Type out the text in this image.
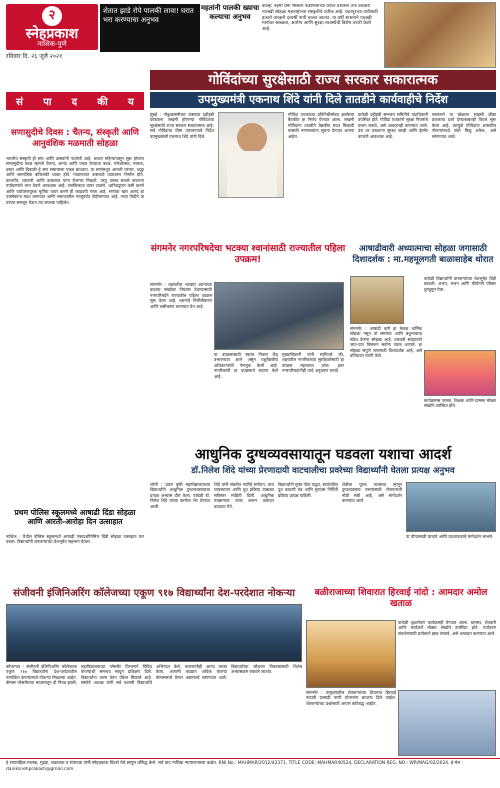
२
स्नेहप्रकाश
नाशिक-पुणे
रविवार दि. २६ जुलै २०२१
शेतात झाडे रोपे पालकी लावा! घरात भरा करण्याचा अनुभव
महतांनी पालकी ख्याचा कल्याचा अनुभव
कोल्हे: नेहमी प्रेमा भोसला फडणिसांच्या प्रयत्न प्रशासन तर्फे वारकरी पालखी सोहळा महाराष्ट्राच्या संस्कृतीचे प्रतीक आहे. पंढरपूरच्या वारीसाठी हजारो वारकरी दरवर्षी पायी चालत जातात. या वर्षी शासनाने पालखी मार्गावर स्वच्छता, आरोग्य आणि सुरक्षा व्यवस्थेची विशेष तयारी केली आहे.
सं पा द की य
गोविंदांच्या सुरक्षेसाठी राज्य सरकार सकारात्मक
उपमुख्यमंत्री एकनाथ शिंदे यांनी दिले तातडीने कार्यवाहीचे निर्देश
सणासुदीचे दिवस : चैतन्य, संस्कृती आणि आनुवंशिक मळमाती सोहळा
भारतीय संस्कृती ही सण आणि उत्सवांनी नटलेली आहे. श्रावण महिन्यापासून सुरू होणारा सणासुदीचा काळ म्हणजे चैतन्य, आनंद आणि एकत्र येण्याचा काळ. गणेशोत्सव, नवरात्र, दसरा आणि दिवाळी हे सण समाजाला एकत्र बांधतात. या सणांमधून आपली परंपरा, श्रद्धा आणि सामाजिक बांधिलकी व्यक्त होते. गावागावांत उत्सवाचे वातावरण निर्माण होते. कारागीर, व्यापारी आणि कलाकार यांना रोजगार मिळतो. परंतु उत्सव साजरे करताना पर्यावरणाचे भान ठेवणे आवश्यक आहे. प्लास्टिकचा वापर टाळणे, ध्वनिप्रदूषण कमी करणे आणि पर्यावरणपूरक मूर्तींचा वापर करणे ही काळाची गरज आहे. सणांचा खरा आनंद हा एकमेकांना मदत करण्यात आणि समाजातील गरजूंपर्यंत पोहोचण्यात आहे. नव्या पिढीने या परंपरा समजून घेऊन त्या जपल्या पाहिजेत.
प्रथम पोलिस स्कूलमध्ये आषाढी दिंडा सोहळा आणि आरती-आरोहा दिन उत्साहात
नाशिक : येथील पोलिस स्कूलमध्ये आषाढी एकादशीनिमित्त दिंडी सोहळा उत्साहात पार पडला. विद्यार्थ्यांनी वारकऱ्यांच्या वेशभूषेत सहभाग घेतला.
मुंबई : गोकुळाष्टमीच्या उत्सवात दहीहंडी फोडताना जखमी होणाऱ्या गोविंदांच्या सुरक्षेसाठी राज्य सरकार सकारात्मक आहे. सर्व गोविंदांचा विमा उतरवण्याचे निर्देश उपमुख्यमंत्री एकनाथ शिंदे यांनी दिले.
गोविंदा पथकांच्या प्रतिनिधींसोबत झालेल्या बैठकीत हा निर्णय घेण्यात आला. जखमी गोविंदांना तातडीने वैद्यकीय मदत मिळावी यासाठी रुग्णालयांना सूचना देण्यात आल्या आहेत.
यावेळी दहीहंडी समन्वय समितीचे पदाधिकारी उपस्थित होते. गोविंदा पथकांनी सुरक्षा नियमांचे पालन करावे, असे आवाहनही करण्यात आले. उंच थर लावताना सुरक्षा जाळी आणि हेल्मेट वापरणे आवश्यक आहे.
सरकारने या खेळाला साहसी क्रीडा प्रकाराचा दर्जा देण्याबाबतही विचार सुरू केला आहे. त्यामुळे गोविंदांना शासकीय नोकऱ्यांमध्ये संधी मिळू शकेल, असे सांगण्यात आले.
संगमनेर नगरपरिषदेचा भटक्या श्वानांसाठी राज्यातील पहिला उपक्रम!
संगमनेर : शहरातील भटक्या श्वानांच्या वाढत्या संख्येवर नियंत्रण ठेवण्यासाठी नगरपरिषदेने राज्यातील पहिला उपक्रम सुरू केला आहे. श्वानांचे निर्बीजीकरण आणि लसीकरण करण्यात येत आहे.
या उपक्रमासाठी स्वतंत्र निवारा केंद्र उभारण्यात आले असून पशुवैद्यकीय अधिकाऱ्यांची नेमणूक केली आहे. नागरिकांनी या उपक्रमाचे स्वागत केले आहे.
मुख्याधिकारी यांनी सांगितले की, शहरातील नागरिकांच्या सुरक्षिततेसाठी हा उपक्रम महत्त्वाचा ठरेल. इतर नगरपरिषदांनीही याचे अनुकरण करावे.
आषाढीवारी अध्यात्माचा सोहळा जगासाठी दिशादर्शक : मा.महमूलगती बाळासाहेब थोरात
संगमनेर : आषाढी वारी हा केवळ धार्मिक सोहळा नसून तो समतेचा आणि बंधुभावाचा संदेश देणारा सोहळा आहे. वारकरी संप्रदायाने जात-पात विसरून सर्वांना एकत्र आणले. हा सोहळा संपूर्ण जगासाठी दिशादर्शक आहे, असे प्रतिपादन त्यांनी केले.
यावेळी विद्यार्थ्यांनी वारकऱ्यांच्या वेशभूषेत दिंडी काढली. अभंग, भजन आणि कीर्तनाने परिसर दुमदुमून गेला.
कार्यक्रमास पालक, शिक्षक आणि ग्रामस्थ मोठ्या संख्येने उपस्थित होते.
आधुनिक दुग्धव्यवसायातून घडवला यशाचा आदर्श
डॉ.निलेश शिंदे यांच्या प्रेरणादायी वाटचालीचा प्रवरेच्या विद्यार्थ्यांनी घेतला प्रत्यक्ष अनुभव
लोणी : प्रवरा कृषी महाविद्यालयाच्या विद्यार्थ्यांनी आधुनिक दुग्धव्यवसायाचा प्रत्यक्ष अभ्यास दौरा केला. यावेळी डॉ. निलेश शिंदे यांच्या फार्मला भेट देण्यात आली.
शिंदे यांनी संकरित गायींचे संगोपन, चारा व्यवस्थापन आणि दूध प्रक्रिया याबाबत सविस्तर माहिती दिली. आधुनिक तंत्रज्ञानाचा वापर करून उत्पादन वाढवता येते.
विद्यार्थ्यांनी मुक्त गोठा पद्धत, स्वयंचलित दूध काढणी यंत्र आणि मुरघास निर्मिती प्रक्रिया प्रत्यक्ष पाहिली.
शेतीला पूरक व्यवसाय म्हणून दुग्धव्यवसाय तरुणांसाठी रोजगाराची मोठी संधी आहे, असे मार्गदर्शन करण्यात आले.
या दौऱ्यासाठी प्राचार्य आणि प्राध्यापकांचे मार्गदर्शन लाभले.
संजीवनी इंजिनिअरिंग कॉलेजच्या एकूण ९१७ विद्यार्थ्यांना देश-परदेशात नोकऱ्या
कोपरगाव : संजीवनी इंजिनिअरिंग कॉलेजच्या एकूण ९१७ विद्यार्थ्यांना देश-परदेशातील नामांकित कंपन्यांमध्ये नोकऱ्या मिळाल्या आहेत. कॅम्पस प्लेसमेंटच्या माध्यमातून ही निवड झाली. महाविद्यालयाच्या प्लेसमेंट विभागाने विविध कंपन्यांशी समन्वय साधून प्रशिक्षण दिले. विद्यार्थ्यांना उत्तम वेतन पॅकेज मिळाले आहे. संस्थेचे अध्यक्ष यांनी सर्व यशस्वी विद्यार्थ्यांचे अभिनंदन केले. पालकांनीही आनंद व्यक्त केला. आगामी काळात अधिक कंपन्या कॅम्पसमध्ये येणार असल्याचे सांगण्यात आले. विद्यार्थ्यांच्या कौशल्य विकासासाठी विशेष अभ्यासक्रम राबवले जातात.
बळीराजाच्या शिवारात हिरवाई नांदो : आमदार अमोल खताळ
यावेळी वृक्षारोपण कार्यक्रमही घेण्यात आला. ग्रामस्थ, शेतकरी आणि कार्यकर्ते मोठ्या संख्येने उपस्थित होते. पर्यावरण संवर्धनासाठी प्रत्येकाने झाड लावावे, असे आवाहन करण्यात आले.
संगमनेर : तालुक्यातील शेतकऱ्यांच्या शिवारात हिरवाई नांदावी यासाठी पाणी योजनांना प्राधान्य दिले जाईल. शेतकऱ्यांच्या प्रश्नांसाठी आपण कटिबद्ध आहोत.
हे साप्ताहिक मालक, मुद्रक, प्रकाशक व संपादक यांनी स्नेहप्रकाश प्रिंटर्स येथे छापून प्रसिद्ध केले. सर्व वाद नाशिक न्यायालयाच्या कक्षेत. RNI No.: MAHMAR/2012/42371, TITLE CODE: MAHMAR40524, DECLARATION REG. NO.: WR/MAG/02/2024. ई-मेल : daniksnehprakash@gmail.com
